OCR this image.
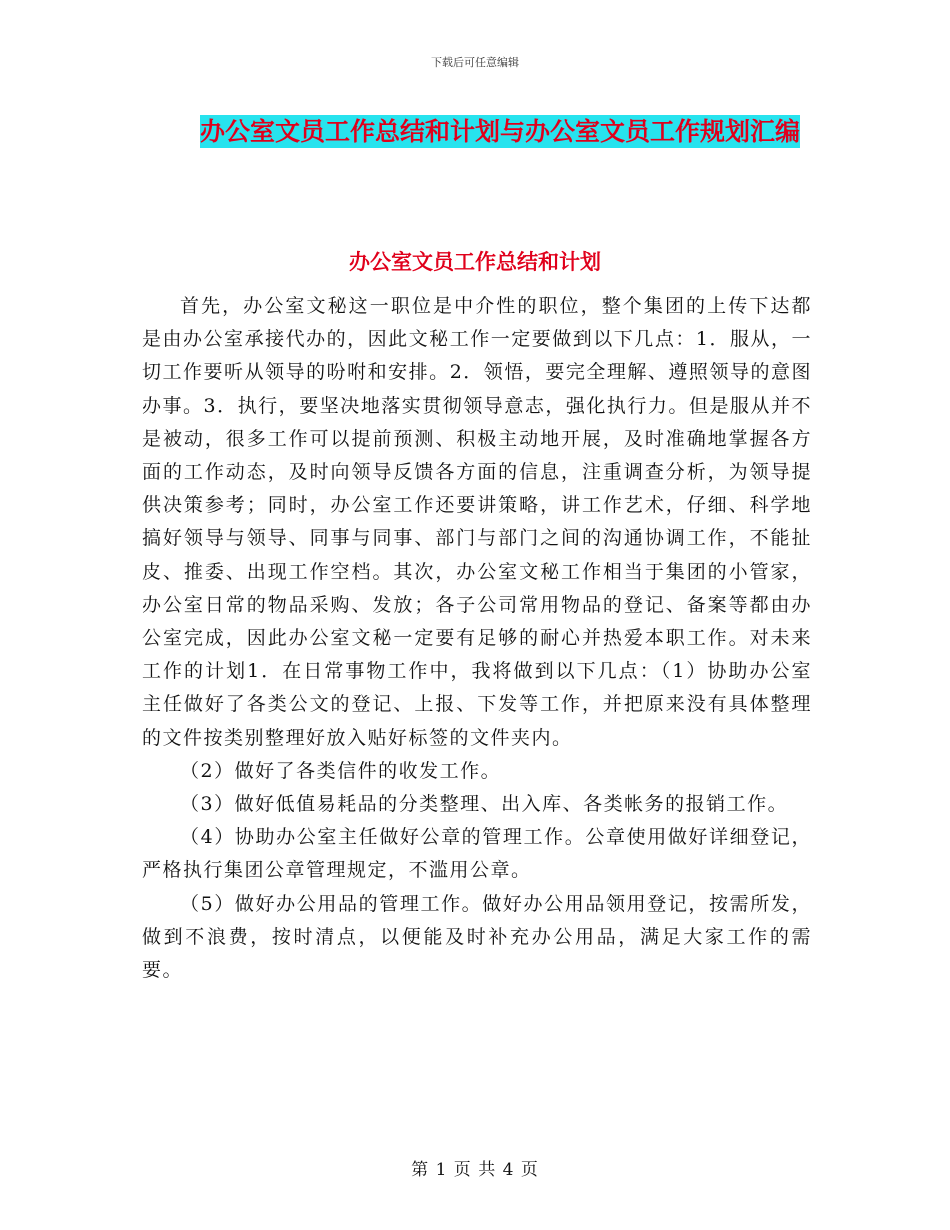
下载后可任意编辑
办公室文员工作总结和计划与办公室文员工作规划汇编
办公室文员工作总结和计划

首先，办公室文秘这一职位是中介性的职位，整个集团的上传下达都是由办公室承接代办的，因此文秘工作一定要做到以下几点：1．服从，一切工作要听从领导的吩咐和安排。2．领悟，要完全理解、遵照领导的意图办事。3．执行，要坚决地落实贯彻领导意志，强化执行力。但是服从并不是被动，很多工作可以提前预测、积极主动地开展，及时准确地掌握各方面的工作动态，及时向领导反馈各方面的信息，注重调查分析，为领导提供决策参考；同时，办公室工作还要讲策略，讲工作艺术，仔细、科学地搞好领导与领导、同事与同事、部门与部门之间的沟通协调工作，不能扯皮、推委、出现工作空档。其次，办公室文秘工作相当于集团的小管家，办公室日常的物品采购、发放；各子公司常用物品的登记、备案等都由办公室完成，因此办公室文秘一定要有足够的耐心并热爱本职工作。对未来工作的计划1．在日常事物工作中，我将做到以下几点：（1）协助办公室主任做好了各类公文的登记、上报、下发等工作，并把原来没有具体整理的文件按类别整理好放入贴好标签的文件夹内。

（2）做好了各类信件的收发工作。

（3）做好低值易耗品的分类整理、出入库、各类帐务的报销工作。

（4）协助办公室主任做好公章的管理工作。公章使用做好详细登记，严格执行集团公章管理规定，不滥用公章。

（5）做好办公用品的管理工作。做好办公用品领用登记，按需所发，做到不浪费，按时清点，以便能及时补充办公用品，满足大家工作的需要。

第 1 页 共 4 页
